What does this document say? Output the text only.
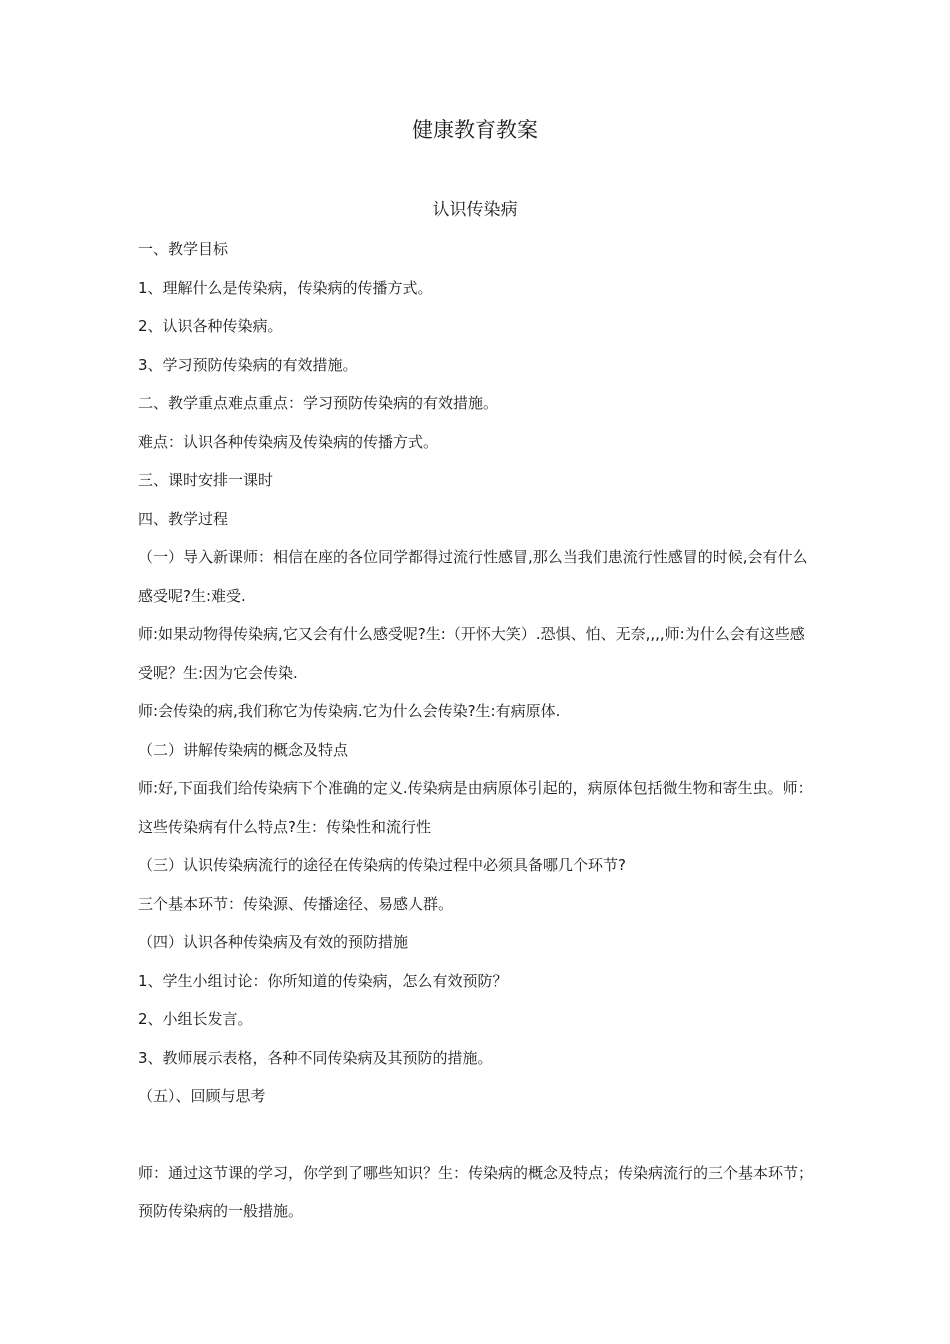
健康教育教案
认识传染病

一、教学目标

1、理解什么是传染病，传染病的传播方式。

2、认识各种传染病。

3、学习预防传染病的有效措施。

二、教学重点难点重点：学习预防传染病的有效措施。

难点：认识各种传染病及传染病的传播方式。

三、课时安排一课时

四、教学过程

（一）导入新课师：相信在座的各位同学都得过流行性感冒,那么当我们患流行性感冒的时候,会有什么感受呢?生:难受.

师:如果动物得传染病,它又会有什么感受呢?生:（开怀大笑）.恐惧、怕、无奈,,,,师:为什么会有这些感受呢？生:因为它会传染.

师:会传染的病,我们称它为传染病.它为什么会传染?生:有病原体.

（二）讲解传染病的概念及特点

师:好,下面我们给传染病下个准确的定义.传染病是由病原体引起的，病原体包括微生物和寄生虫。师：这些传染病有什么特点?生：传染性和流行性

（三）认识传染病流行的途径在传染病的传染过程中必须具备哪几个环节?

三个基本环节：传染源、传播途径、易感人群。

（四）认识各种传染病及有效的预防措施

1、学生小组讨论：你所知道的传染病，怎么有效预防？

2、小组长发言。

3、教师展示表格，各种不同传染病及其预防的措施。

（五）、回顾与思考

师：通过这节课的学习，你学到了哪些知识？生：传染病的概念及特点；传染病流行的三个基本环节；预防传染病的一般措施。
